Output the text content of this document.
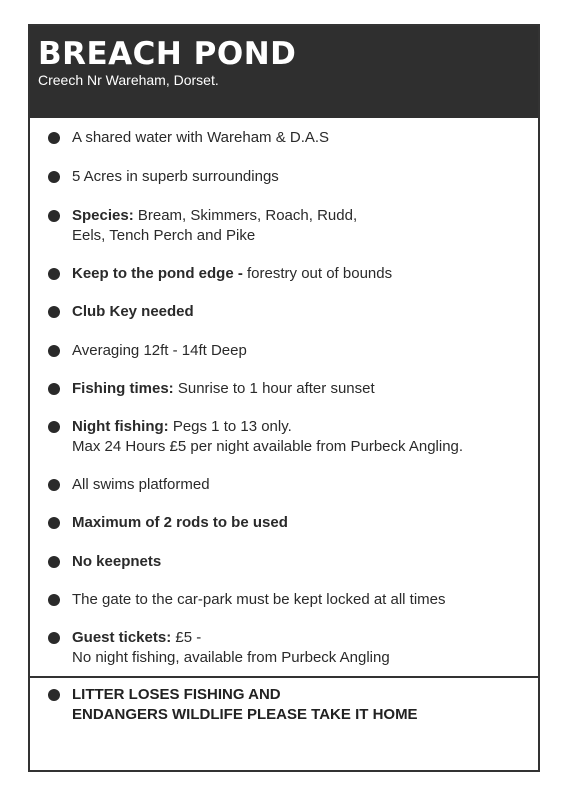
BREACH POND
Creech Nr Wareham, Dorset.
A shared water with Wareham & D.A.S
5 Acres in superb surroundings
Species: Bream, Skimmers, Roach, Rudd,
Eels, Tench Perch and Pike
Keep to the pond edge - forestry out of bounds
Club Key needed
Averaging 12ft - 14ft Deep
Fishing times: Sunrise to 1 hour after sunset
Night fishing: Pegs 1 to 13 only.
Max 24 Hours £5 per night available from Purbeck Angling.
All swims platformed
Maximum of 2 rods to be used
No keepnets
The gate to the car-park must be kept locked at all times
Guest tickets: £5 -
No night fishing, available from Purbeck Angling
LITTER LOSES FISHING AND
ENDANGERS WILDLIFE PLEASE TAKE IT HOME
